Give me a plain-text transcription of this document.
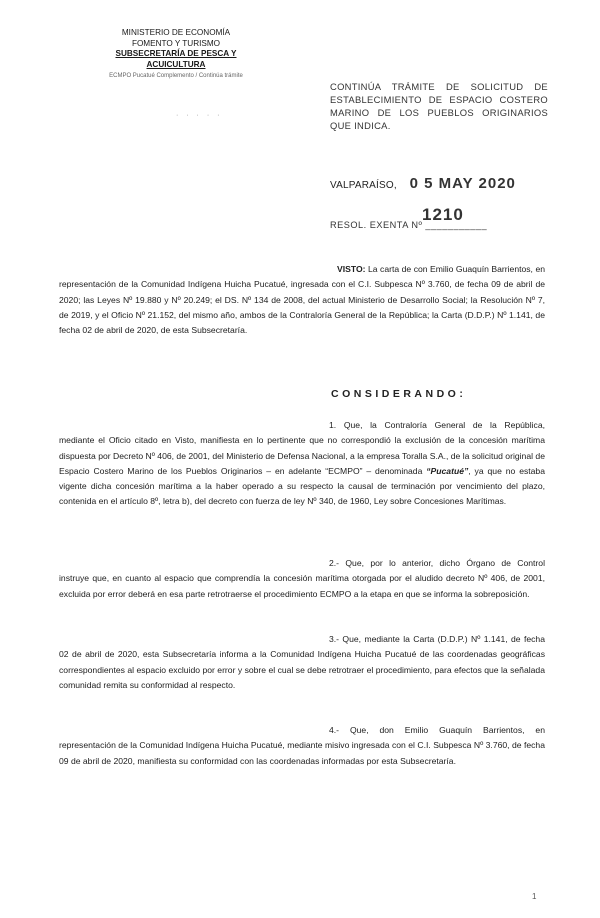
MINISTERIO DE ECONOMÍA
FOMENTO Y TURISMO
SUBSECRETARÍA DE PESCA Y ACUICULTURA
ECMPO Pucatué Complemento / Continúa trámite
· · · · ·
CONTINÚA TRÁMITE DE SOLICITUD DE ESTABLECIMIENTO DE ESPACIO COSTERO MARINO DE LOS PUEBLOS ORIGINARIOS QUE INDICA.
VALPARAÍSO, 0 5 MAY 2020
RESOL. EXENTA Nº ___________
1210
VISTO: La carta de con Emilio Guaquín Barrientos, en representación de la Comunidad Indígena Huicha Pucatué, ingresada con el C.I. Subpesca Nº 3.760, de fecha 09 de abril de 2020; las Leyes Nº 19.880 y Nº 20.249; el DS. Nº 134 de 2008, del actual Ministerio de Desarrollo Social; la Resolución Nº 7, de 2019, y el Oficio Nº 21.152, del mismo año, ambos de la Contraloría General de la República; la Carta (D.D.P.) Nº 1.141, de fecha 02 de abril de 2020, de esta Subsecretaría.
CONSIDERANDO:
1. Que, la Contraloría General de la República, mediante el Oficio citado en Visto, manifiesta en lo pertinente que no correspondió la exclusión de la concesión marítima dispuesta por Decreto Nº 406, de 2001, del Ministerio de Defensa Nacional, a la empresa Toralla S.A., de la solicitud original de Espacio Costero Marino de los Pueblos Originarios – en adelante “ECMPO” – denominada “Pucatué”, ya que no estaba vigente dicha concesión marítima a la haber operado a su respecto la causal de terminación por vencimiento del plazo, contenida en el artículo 8º, letra b), del decreto con fuerza de ley Nº 340, de 1960, Ley sobre Concesiones Marítimas.
2.- Que, por lo anterior, dicho Órgano de Control instruye que, en cuanto al espacio que comprendía la concesión marítima otorgada por el aludido decreto Nº 406, de 2001, excluida por error deberá en esa parte retrotraerse el procedimiento ECMPO a la etapa en que se informa la sobreposición.
3.- Que, mediante la Carta (D.D.P.) Nº 1.141, de fecha 02 de abril de 2020, esta Subsecretaría informa a la Comunidad Indígena Huicha Pucatué de las coordenadas geográficas correspondientes al espacio excluido por error y sobre el cual se debe retrotraer el procedimiento, para efectos que la señalada comunidad remita su conformidad al respecto.
4.- Que, don Emilio Guaquín Barrientos, en representación de la Comunidad Indígena Huicha Pucatué, mediante misivo ingresada con el C.I. Subpesca Nº 3.760, de fecha 09 de abril de 2020, manifiesta su conformidad con las coordenadas informadas por esta Subsecretaría.
1
